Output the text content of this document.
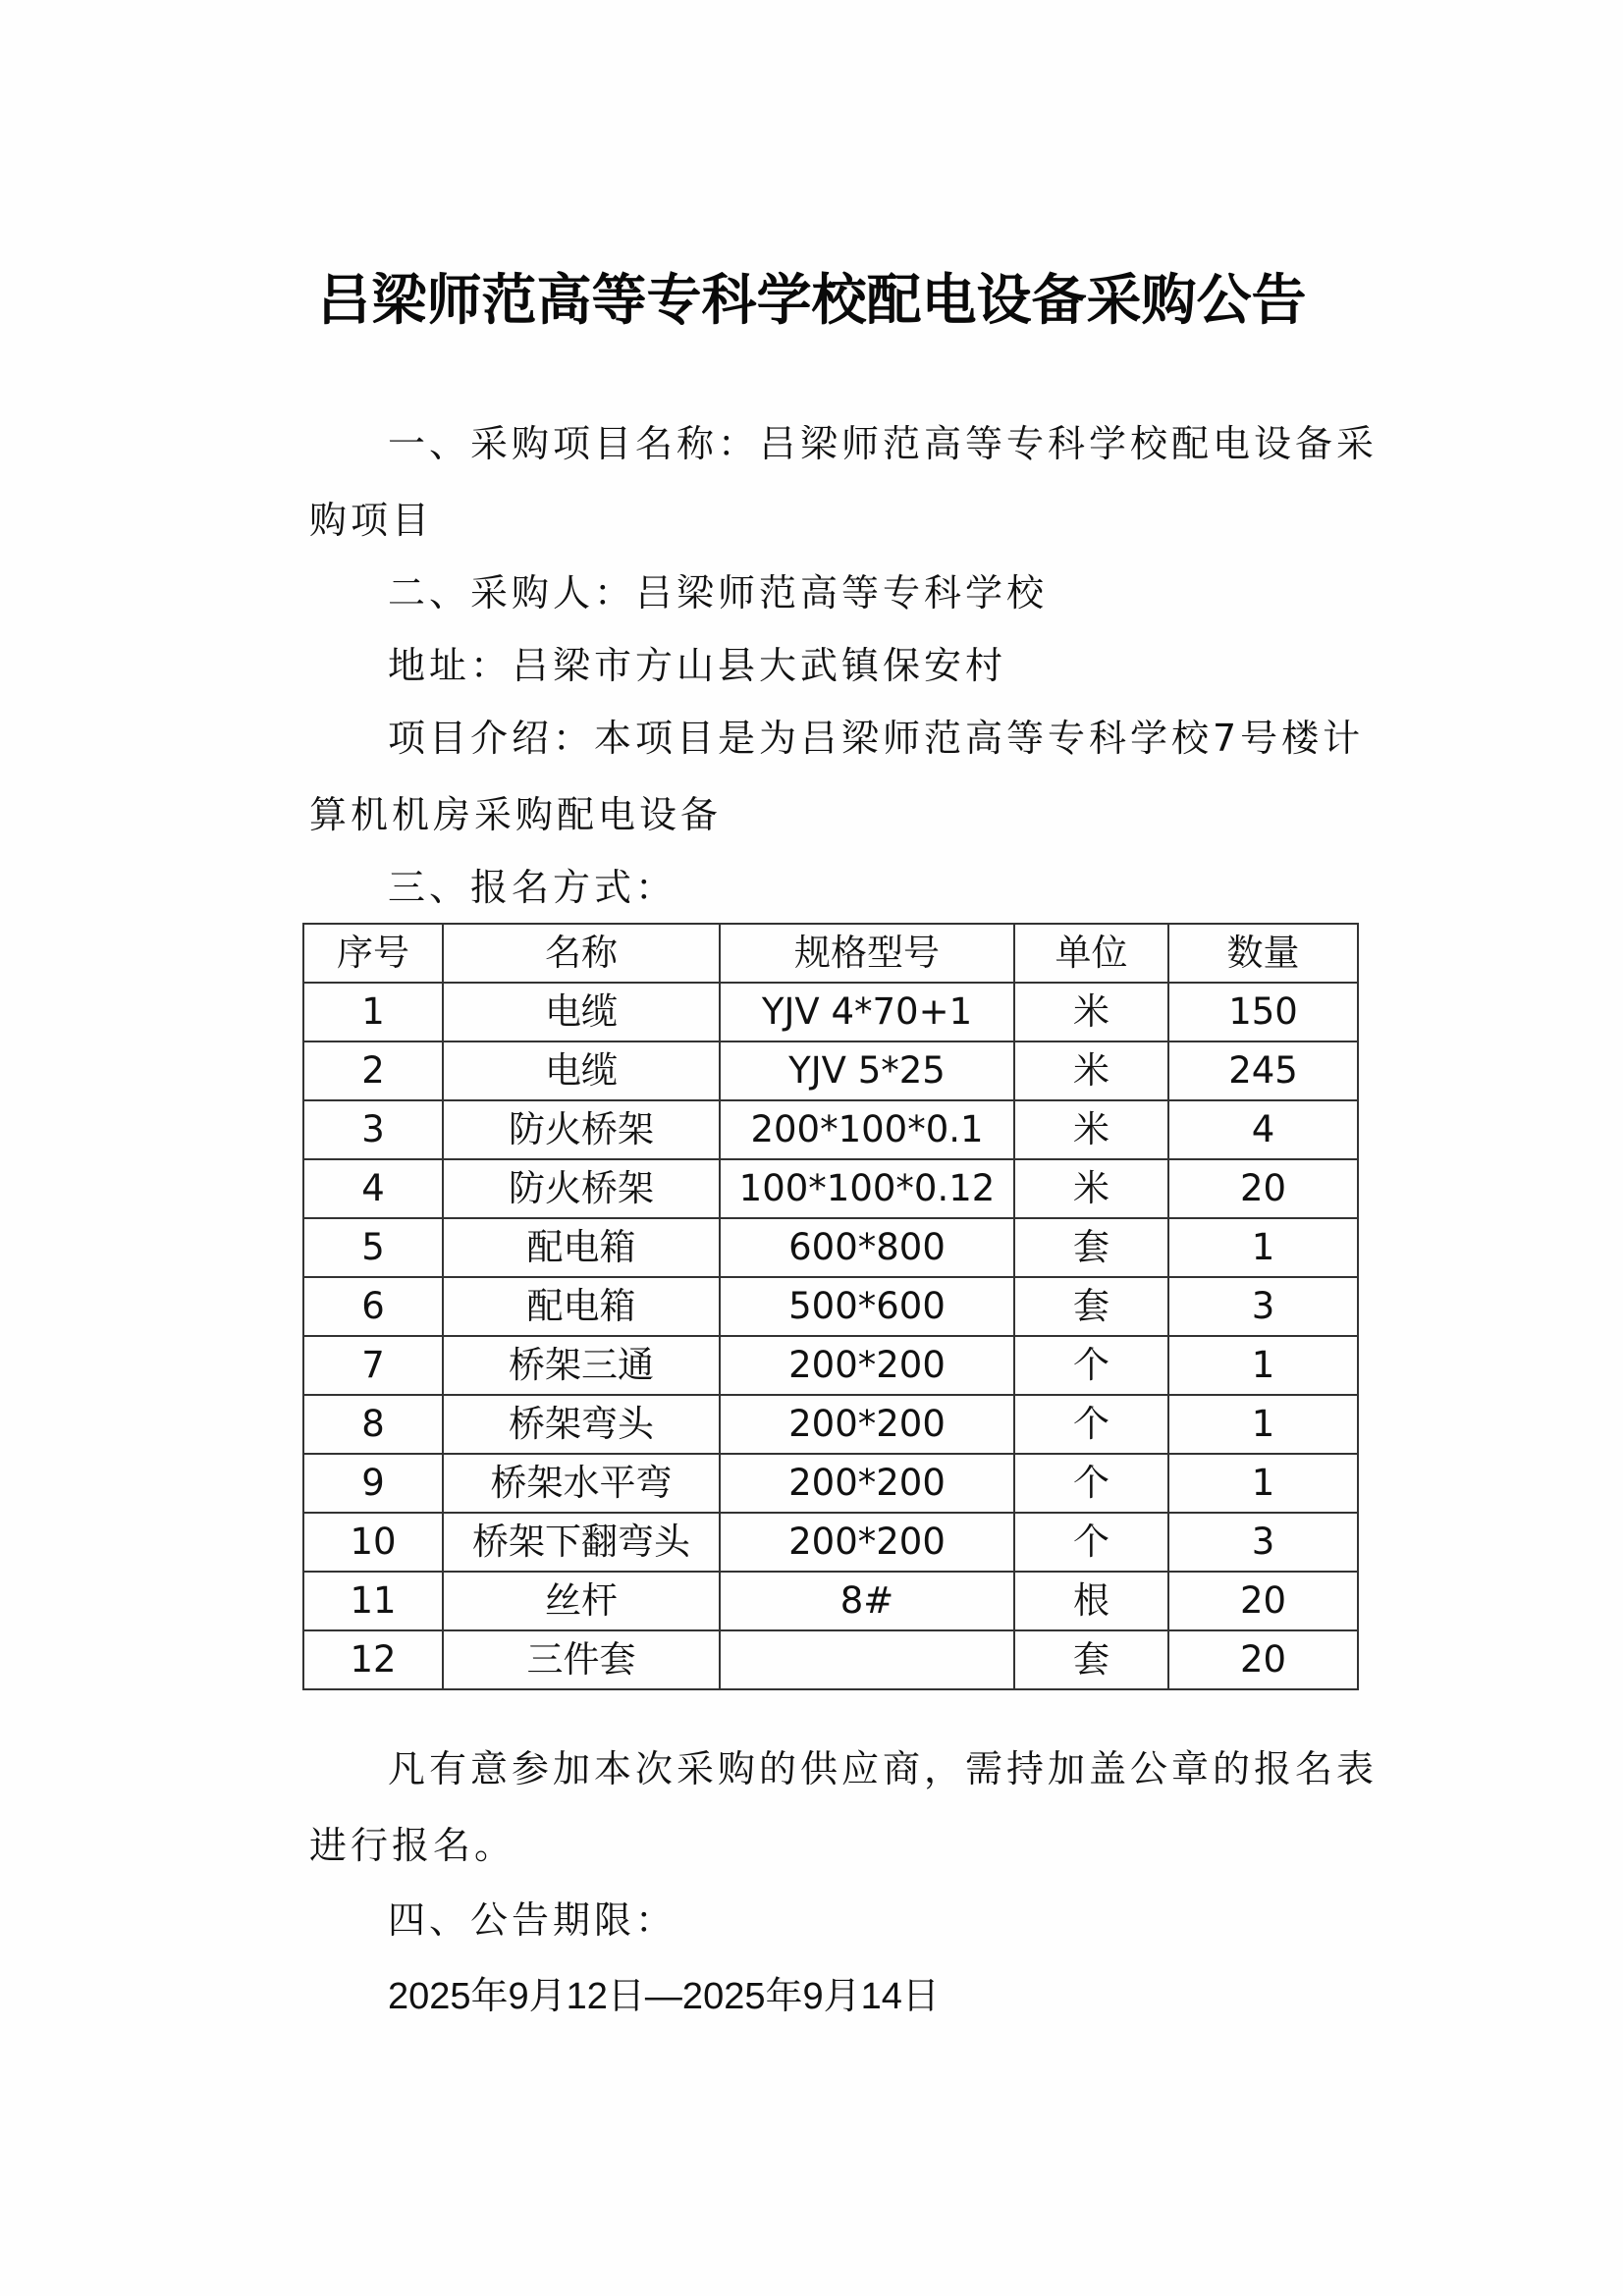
吕梁师范高等专科学校配电设备采购公告
一、采购项目名称：吕梁师范高等专科学校配电设备采
购项目
二、采购人：吕梁师范高等专科学校
地址：吕梁市方山县大武镇保安村
项目介绍：本项目是为吕梁师范高等专科学校7号楼计
算机机房采购配电设备
三、报名方式：
序号	名称	规格型号	单位	数量
1	电缆	YJV 4*70+1	米	150
2	电缆	YJV 5*25	米	245
3	防火桥架	200*100*0.1	米	4
4	防火桥架	100*100*0.12	米	20
5	配电箱	600*800	套	1
6	配电箱	500*600	套	3
7	桥架三通	200*200	个	1
8	桥架弯头	200*200	个	1
9	桥架水平弯	200*200	个	1
10	桥架下翻弯头	200*200	个	3
11	丝杆	8#	根	20
12	三件套		套	20
凡有意参加本次采购的供应商，需持加盖公章的报名表
进行报名。
四、公告期限：
2025年9月12日—2025年9月14日
